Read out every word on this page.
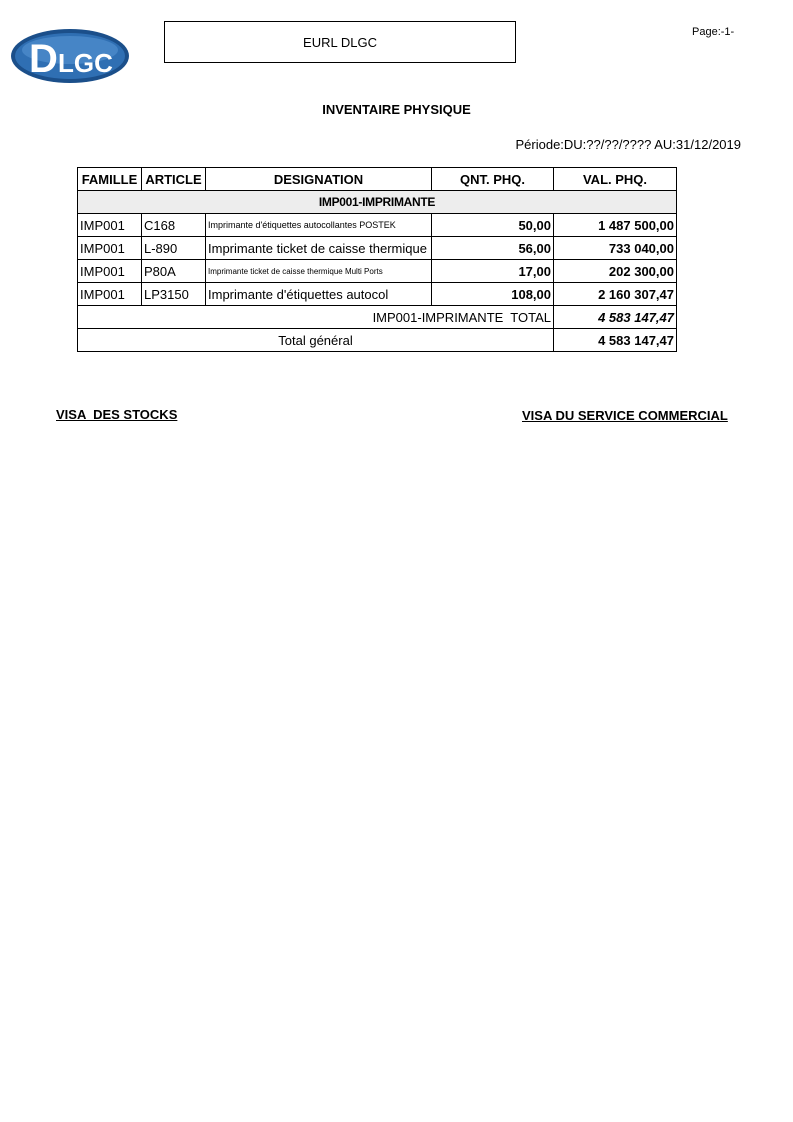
D LGC
EURL DLGC
Page:-1-
INVENTAIRE PHYSIQUE
Période:DU:??/??/???? AU:31/12/2019
FAMILLE	ARTICLE	DESIGNATION	QNT. PHQ.	VAL. PHQ.
IMP001-IMPRIMANTE				
IMP001	C168	Imprimante d'étiquettes autocollantes POSTEK	50,00	1 487 500,00
IMP001	L-890	Imprimante ticket de caisse thermique	56,00	733 040,00
IMP001	P80A	Imprimante ticket de caisse thermique Multi Ports	17,00	202 300,00
IMP001	LP3150	Imprimante d'étiquettes autocol	108,00	2 160 307,47
IMP001-IMPRIMANTE  TOTAL				4 583 147,47
Total général				4 583 147,47
VISA  DES STOCKS	VISA DU SERVICE COMMERCIAL
